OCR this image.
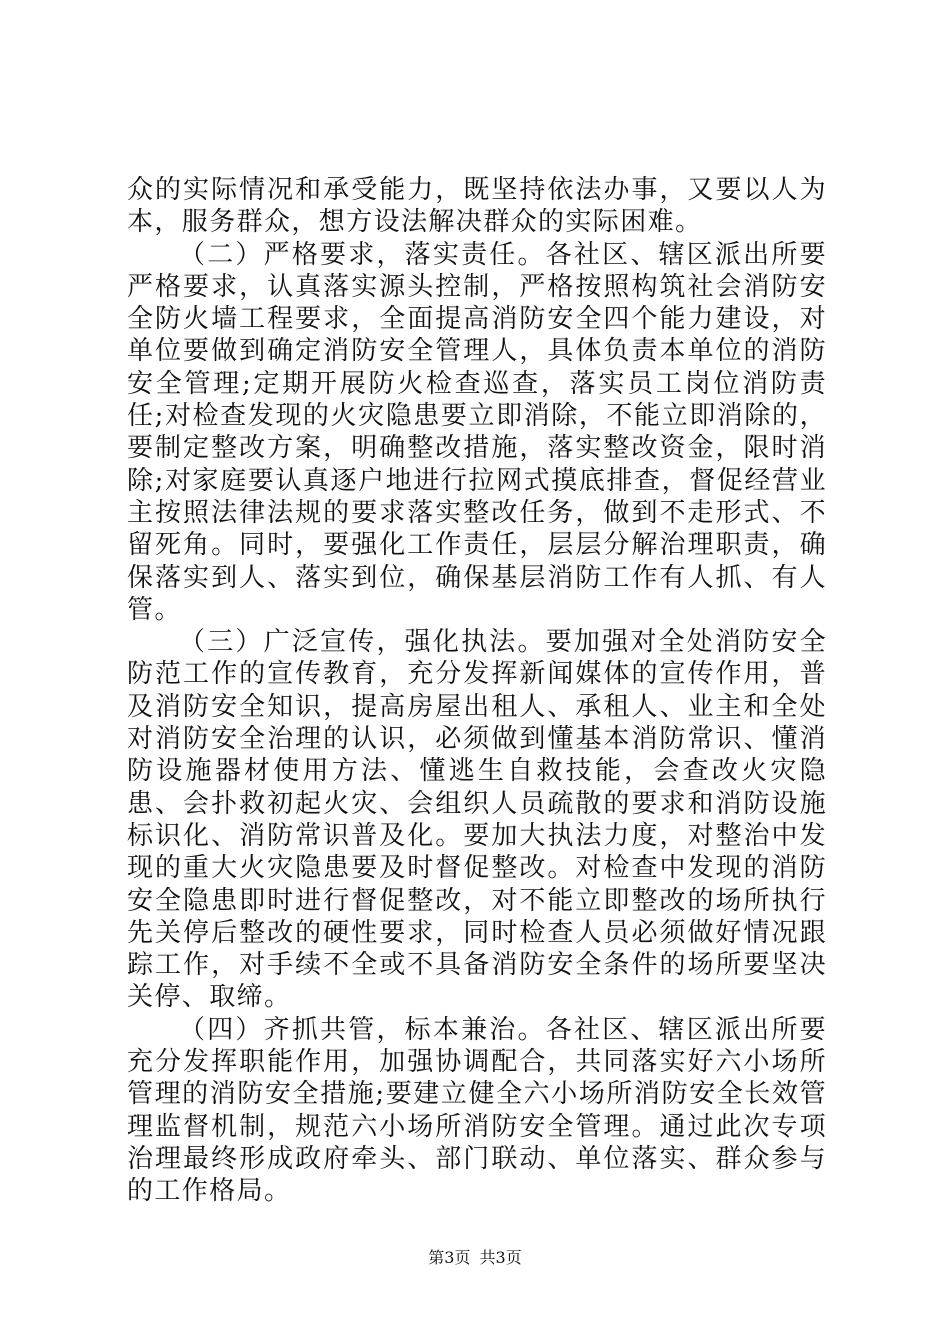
众的实际情况和承受能力，既坚持依法办事，又要以人为本，服务群众，想方设法解决群众的实际困难。

（二）严格要求，落实责任。各社区、辖区派出所要严格要求，认真落实源头控制，严格按照构筑社会消防安全防火墙工程要求，全面提高消防安全四个能力建设，对单位要做到确定消防安全管理人，具体负责本单位的消防安全管理;定期开展防火检查巡查，落实员工岗位消防责任;对检查发现的火灾隐患要立即消除，不能立即消除的，要制定整改方案，明确整改措施，落实整改资金，限时消除;对家庭要认真逐户地进行拉网式摸底排查，督促经营业主按照法律法规的要求落实整改任务，做到不走形式、不留死角。同时，要强化工作责任，层层分解治理职责，确保落实到人、落实到位，确保基层消防工作有人抓、有人管。

（三）广泛宣传，强化执法。要加强对全处消防安全防范工作的宣传教育，充分发挥新闻媒体的宣传作用，普及消防安全知识，提高房屋出租人、承租人、业主和全处对消防安全治理的认识，必须做到懂基本消防常识、懂消防设施器材使用方法、懂逃生自救技能，会查改火灾隐患、会扑救初起火灾、会组织人员疏散的要求和消防设施标识化、消防常识普及化。要加大执法力度，对整治中发现的重大火灾隐患要及时督促整改。对检查中发现的消防安全隐患即时进行督促整改，对不能立即整改的场所执行先关停后整改的硬性要求，同时检查人员必须做好情况跟踪工作，对手续不全或不具备消防安全条件的场所要坚决关停、取缔。

（四）齐抓共管，标本兼治。各社区、辖区派出所要充分发挥职能作用，加强协调配合，共同落实好六小场所管理的消防安全措施;要建立健全六小场所消防安全长效管理监督机制，规范六小场所消防安全管理。通过此次专项治理最终形成政府牵头、部门联动、单位落实、群众参与的工作格局。

第3页 共3页
